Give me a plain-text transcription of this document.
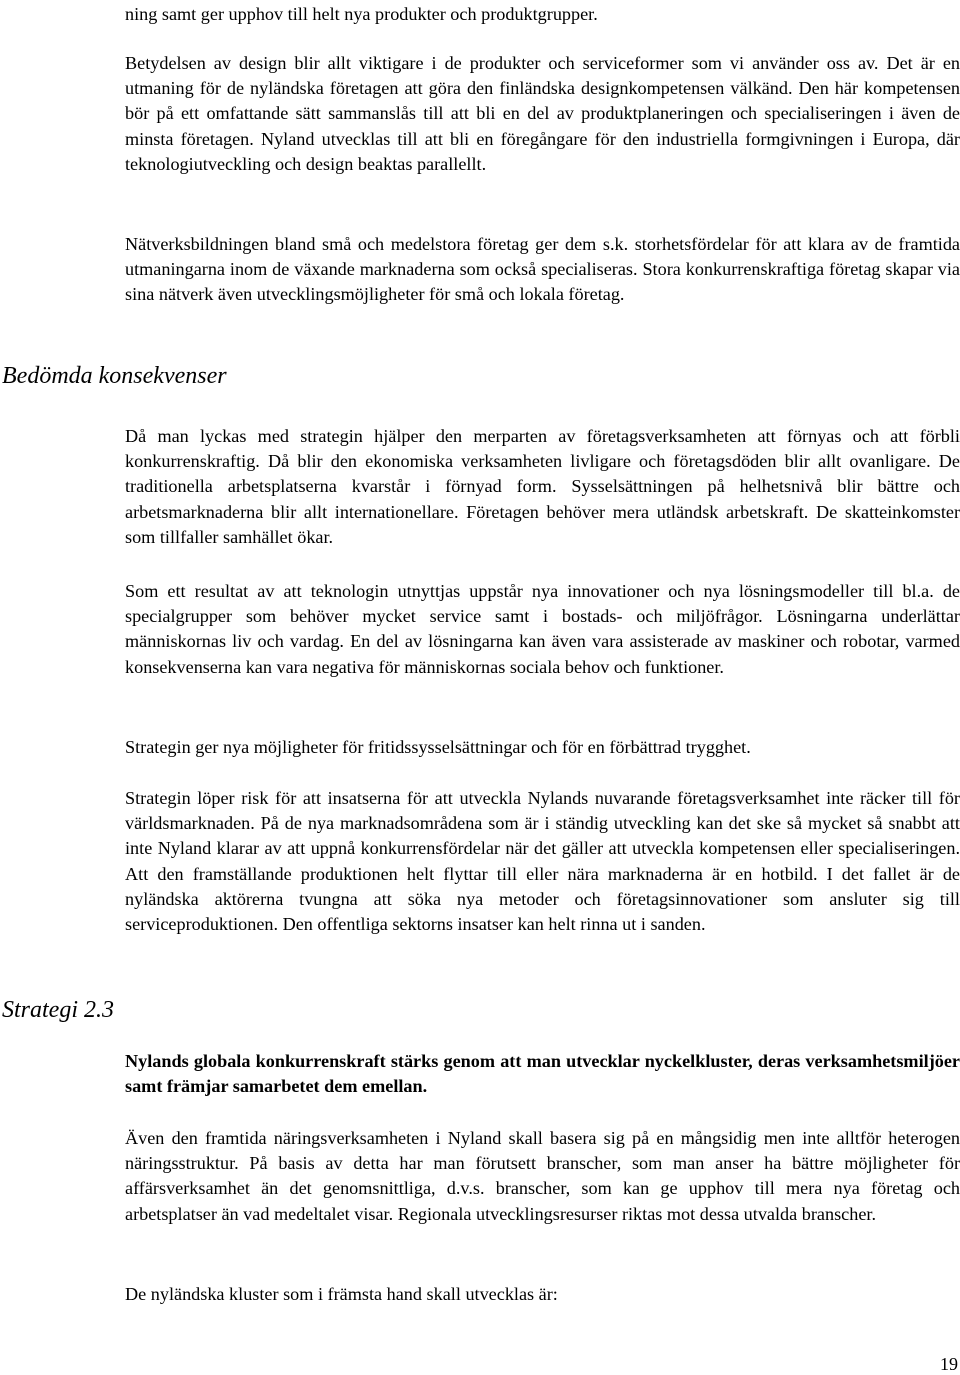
ning samt ger upphov till helt nya produkter och produktgrupper.

Betydelsen av design blir allt viktigare i de produkter och serviceformer som vi använder oss av. Det är en utmaning för de nyländska företagen att göra den finländska designkompetensen välkänd. Den här kompetensen bör på ett omfattande sätt sammanslås till att bli en del av produktplaneringen och specialiseringen i även de minsta företagen. Nyland utvecklas till att bli en föregångare för den industriella formgivningen i Europa, där teknologiutveckling och design beaktas parallellt.

Nätverksbildningen bland små och medelstora företag ger dem s.k. storhetsfördelar för att klara av de framtida utmaningarna inom de växande marknaderna som också specialiseras. Stora konkurrenskraftiga företag skapar via sina nätverk även utvecklingsmöjligheter för små och lokala företag.

Bedömda konsekvenser

Då man lyckas med strategin hjälper den merparten av företagsverksamheten att förnyas och att förbli konkurrenskraftig. Då blir den ekonomiska verksamheten livligare och företagsdöden blir allt ovanligare. De traditionella arbetsplatserna kvarstår i förnyad form. Sysselsättningen på helhetsnivå blir bättre och arbetsmarknaderna blir allt internationellare. Företagen behöver mera utländsk arbetskraft. De skatteinkomster som tillfaller samhället ökar.

Som ett resultat av att teknologin utnyttjas uppstår nya innovationer och nya lösningsmodeller till bl.a. de specialgrupper som behöver mycket service samt i bostads- och miljöfrågor. Lösningarna underlättar människornas liv och vardag. En del av lösningarna kan även vara assisterade av maskiner och robotar, varmed konsekvenserna kan vara negativa för människornas sociala behov och funktioner.

Strategin ger nya möjligheter för fritidssysselsättningar och för en förbättrad trygghet.

Strategin löper risk för att insatserna för att utveckla Nylands nuvarande företagsverksamhet inte räcker till för världsmarknaden. På de nya marknadsområdena som är i ständig utveckling kan det ske så mycket så snabbt att inte Nyland klarar av att uppnå konkurrensfördelar när det gäller att utveckla kompetensen eller specialiseringen. Att den framställande produktionen helt flyttar till eller nära marknaderna är en hotbild. I det fallet är de nyländska aktörerna tvungna att söka nya metoder och företagsinnovationer som ansluter sig till serviceproduktionen. Den offentliga sektorns insatser kan helt rinna ut i sanden.

Strategi 2.3

Nylands globala konkurrenskraft stärks genom att man utvecklar nyckelkluster, deras verksamhetsmiljöer samt främjar samarbetet dem emellan.

Även den framtida näringsverksamheten i Nyland skall basera sig på en mångsidig men inte alltför heterogen näringsstruktur. På basis av detta har man förutsett branscher, som man anser ha bättre möjligheter för affärsverksamhet än det genomsnittliga, d.v.s. branscher, som kan ge upphov till mera nya företag och arbetsplatser än vad medeltalet visar. Regionala utvecklingsresurser riktas mot dessa utvalda branscher.

De nyländska kluster som i främsta hand skall utvecklas är:

19
